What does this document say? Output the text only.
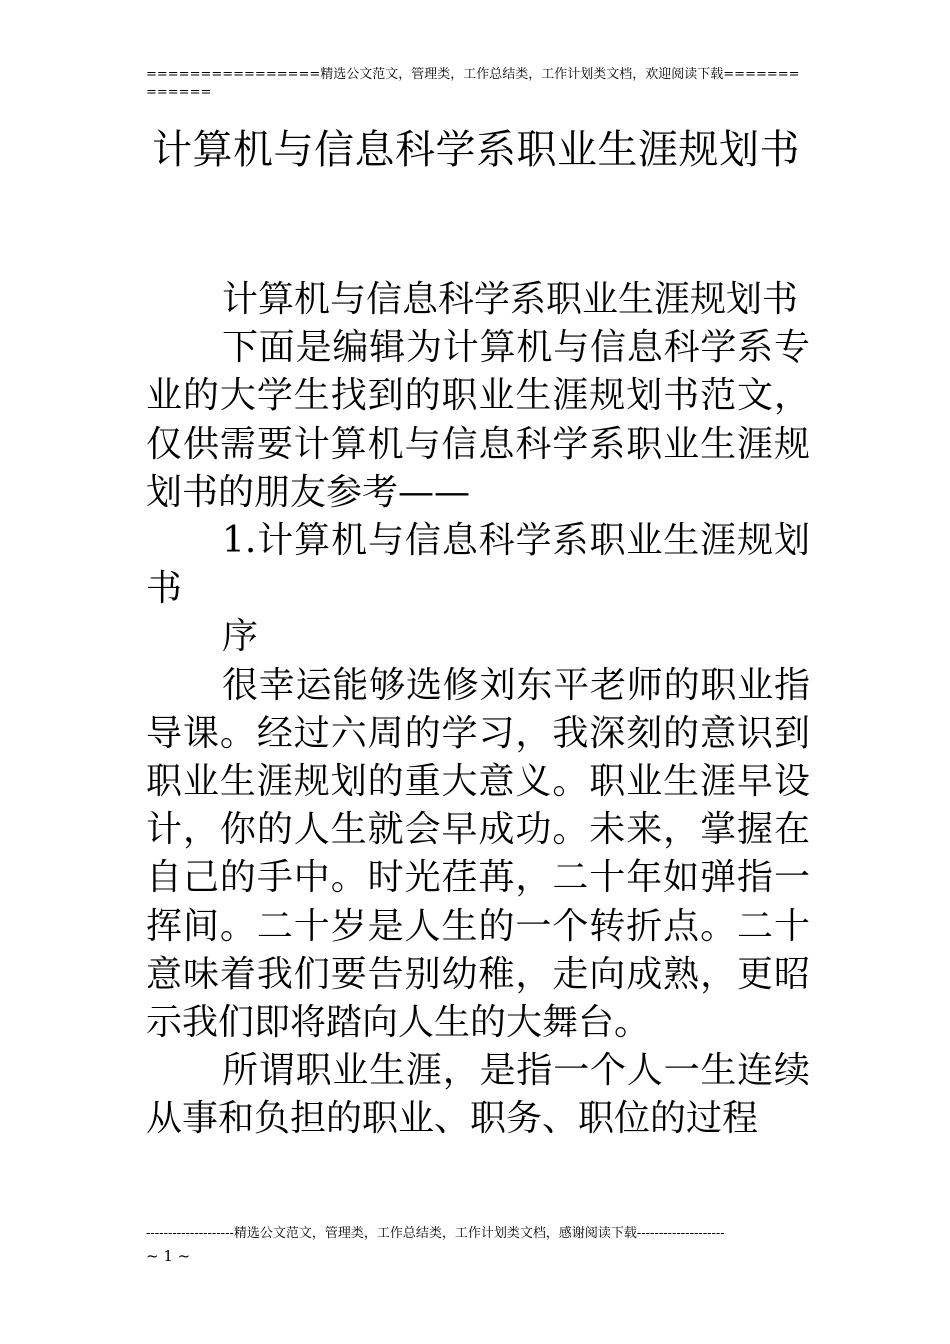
================精选公文范文，管理类，工作总结类，工作计划类文档，欢迎阅读下载=============
计算机与信息科学系职业生涯规划书

计算机与信息科学系职业生涯规划书

下面是编辑为计算机与信息科学系专业的大学生找到的职业生涯规划书范文，仅供需要计算机与信息科学系职业生涯规划书的朋友参考——

1.计算机与信息科学系职业生涯规划书

序

很幸运能够选修刘东平老师的职业指导课。经过六周的学习，我深刻的意识到职业生涯规划的重大意义。职业生涯早设计，你的人生就会早成功。未来，掌握在自己的手中。时光荏苒，二十年如弹指一挥间。二十岁是人生的一个转折点。二十意味着我们要告别幼稚，走向成熟，更昭示我们即将踏向人生的大舞台。

所谓职业生涯，是指一个人一生连续从事和负担的职业、职务、职位的过程

--------------------精选公文范文，管理类，工作总结类，工作计划类文档，感谢阅读下载--------------------
~ 1 ~
